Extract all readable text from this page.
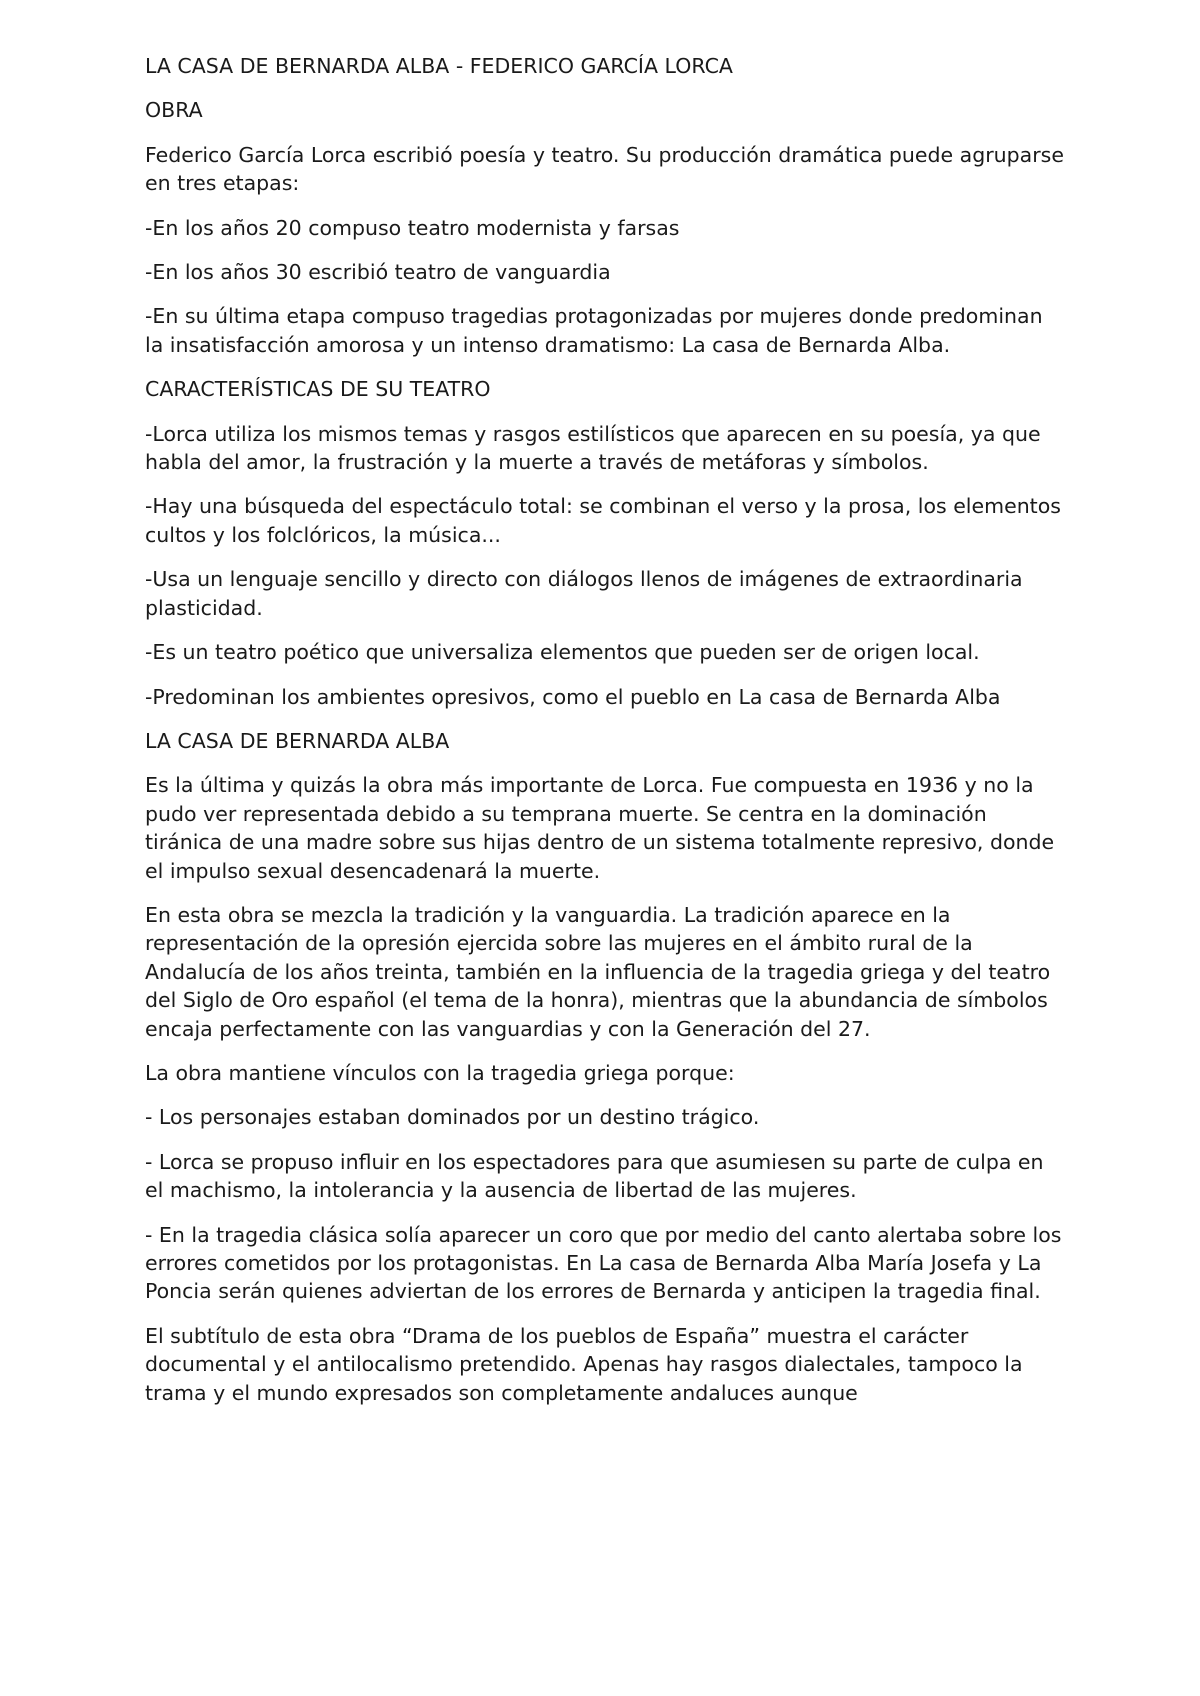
LA CASA DE BERNARDA ALBA - FEDERICO GARCÍA LORCA
OBRA

Federico García Lorca escribió poesía y teatro. Su producción dramática puede agruparse en tres etapas:

-En los años 20 compuso teatro modernista y farsas

-En los años 30 escribió teatro de vanguardia

-En su última etapa compuso tragedias protagonizadas por mujeres donde predominan la insatisfacción amorosa y un intenso dramatismo: La casa de Bernarda Alba.

CARACTERÍSTICAS DE SU TEATRO

-Lorca utiliza los mismos temas y rasgos estilísticos que aparecen en su poesía, ya que habla del amor, la frustración y la muerte a través de metáforas y símbolos.

-Hay una búsqueda del espectáculo total: se combinan el verso y la prosa, los elementos cultos y los folclóricos, la música...

-Usa un lenguaje sencillo y directo con diálogos llenos de imágenes de extraordinaria plasticidad.

-Es un teatro poético que universaliza elementos que pueden ser de origen local.

-Predominan los ambientes opresivos, como el pueblo en La casa de Bernarda Alba

LA CASA DE BERNARDA ALBA

Es la última y quizás la obra más importante de Lorca. Fue compuesta en 1936 y no la pudo ver representada debido a su temprana muerte. Se centra en la dominación tiránica de una madre sobre sus hijas dentro de un sistema totalmente represivo, donde el impulso sexual desencadenará la muerte.

En esta obra se mezcla la tradición y la vanguardia. La tradición aparece en la representación de la opresión ejercida sobre las mujeres en el ámbito rural de la Andalucía de los años treinta, también en la influencia de la tragedia griega y del teatro del Siglo de Oro español (el tema de la honra), mientras que la abundancia de símbolos encaja perfectamente con las vanguardias y con la Generación del 27.

La obra mantiene vínculos con la tragedia griega porque:

- Los personajes estaban dominados por un destino trágico.

- Lorca se propuso influir en los espectadores para que asumiesen su parte de culpa en el machismo, la intolerancia y la ausencia de libertad de las mujeres.

- En la tragedia clásica solía aparecer un coro que por medio del canto alertaba sobre los errores cometidos por los protagonistas. En La casa de Bernarda Alba María Josefa y La Poncia serán quienes adviertan de los errores de Bernarda y anticipen la tragedia final.

El subtítulo de esta obra “Drama de los pueblos de España” muestra el carácter documental y el antilocalismo pretendido. Apenas hay rasgos dialectales, tampoco la trama y el mundo expresados son completamente andaluces aunque
